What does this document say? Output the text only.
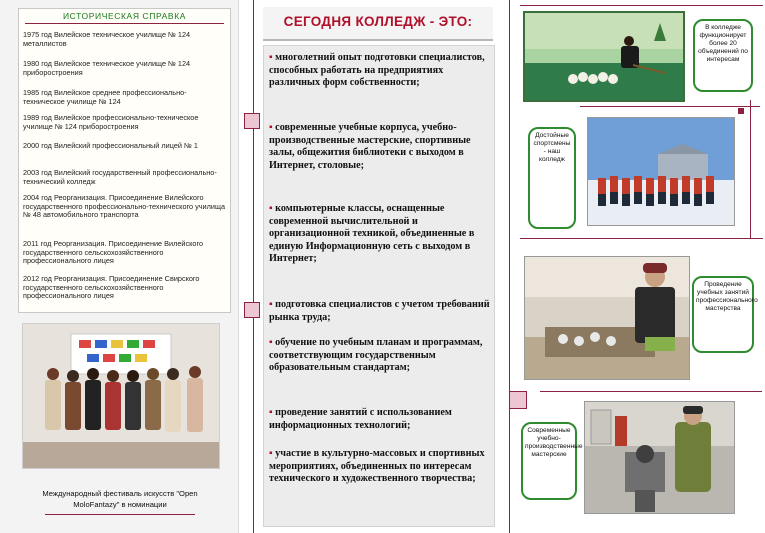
ИСТОРИЧЕСКАЯ СПРАВКА
1975 год Вилейское техническое училище № 124 металлистов
1980 год Вилейское техническое училище № 124 приборостроения
1985 год Вилейское среднее профессионально-техническое училище № 124
1989 год Вилейское профессионально-техническое училище № 124 приборостроения
2000 год Вилейский профессиональный лицей № 1
2003 год Вилейский государственный профессионально-технический колледж
2004 год Реорганизация. Присоединение Вилейского государственного профессионально-технического училища № 48 автомобильного транспорта
2011 год Реорганизация. Присоединение Вилейского государственного сельскохозяйственного профессионального лицея
2012 год Реорганизация. Присоединение Свирского государственного сельскохозяйственного профессионального лицея
Международный фестиваль искусств "Open MoloFantazy" в номинации
СЕГОДНЯ КОЛЛЕДЖ - ЭТО:
▪ многолетний опыт подготовки специалистов, способных работать на предприятиях различных форм собственности;
▪ современные учебные корпуса, учебно-производственные мастерские, спортивные залы, общежития библиотеки с выходом в Интернет, столовые;
▪ компьютерные классы, оснащенные современной вычислительной и организационной техникой, объединенные в единую Информационную сеть с выходом в Интернет;
▪ подготовка специалистов с учетом требований рынка труда;
▪ обучение по учебным планам и программам, соответствующим государственным образовательным стандартам;
▪ проведение занятий с использованием информационных технологий;
▪ участие в культурно-массовых и спортивных мероприятиях, объединенных по интересам технического и художественного творчества;
В колледже функционирует более 20 объединений по интересам
Достойные спортсмены - наш колледж
Проведение учебных занятий профессионального мастерства
Современные учебно-производственные мастерские
